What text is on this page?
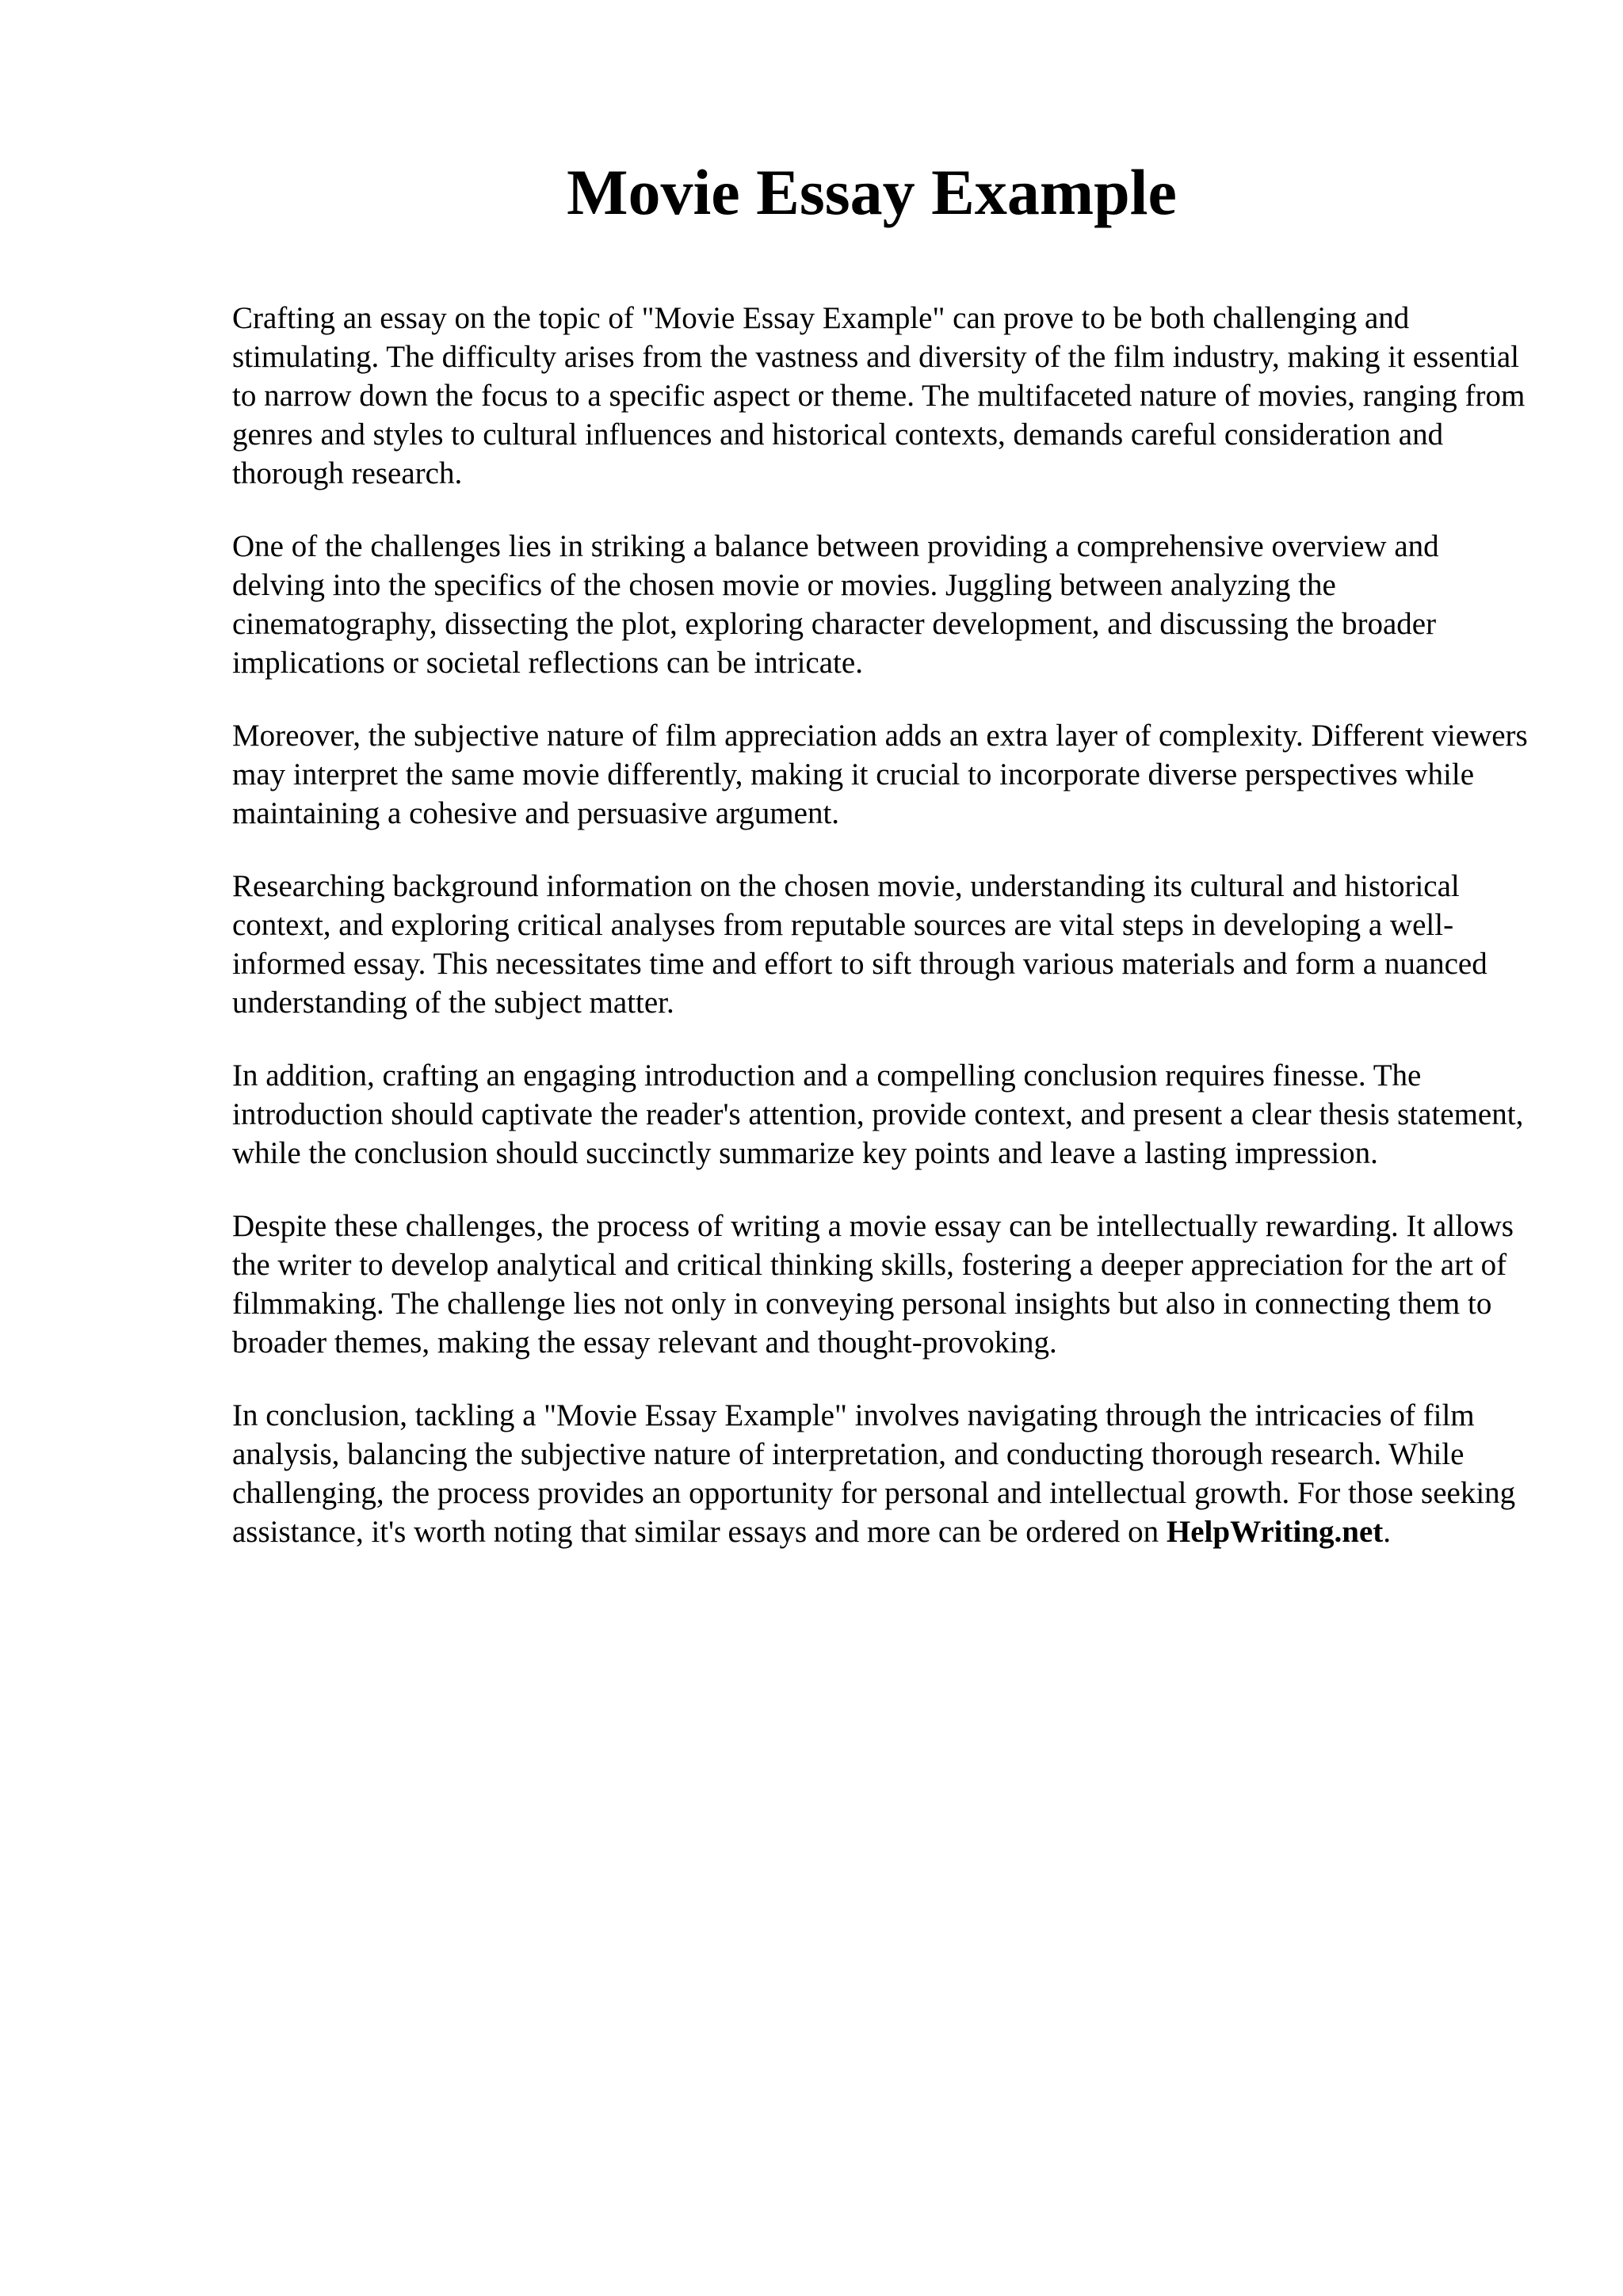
Movie Essay Example

Crafting an essay on the topic of "Movie Essay Example" can prove to be both challenging and stimulating. The difficulty arises from the vastness and diversity of the film industry, making it essential to narrow down the focus to a specific aspect or theme. The multifaceted nature of movies, ranging from genres and styles to cultural influences and historical contexts, demands careful consideration and thorough research.

One of the challenges lies in striking a balance between providing a comprehensive overview and delving into the specifics of the chosen movie or movies. Juggling between analyzing the cinematography, dissecting the plot, exploring character development, and discussing the broader implications or societal reflections can be intricate.

Moreover, the subjective nature of film appreciation adds an extra layer of complexity. Different viewers may interpret the same movie differently, making it crucial to incorporate diverse perspectives while maintaining a cohesive and persuasive argument.

Researching background information on the chosen movie, understanding its cultural and historical context, and exploring critical analyses from reputable sources are vital steps in developing a well-informed essay. This necessitates time and effort to sift through various materials and form a nuanced understanding of the subject matter.

In addition, crafting an engaging introduction and a compelling conclusion requires finesse. The introduction should captivate the reader's attention, provide context, and present a clear thesis statement, while the conclusion should succinctly summarize key points and leave a lasting impression.

Despite these challenges, the process of writing a movie essay can be intellectually rewarding. It allows the writer to develop analytical and critical thinking skills, fostering a deeper appreciation for the art of filmmaking. The challenge lies not only in conveying personal insights but also in connecting them to broader themes, making the essay relevant and thought-provoking.

In conclusion, tackling a "Movie Essay Example" involves navigating through the intricacies of film analysis, balancing the subjective nature of interpretation, and conducting thorough research. While challenging, the process provides an opportunity for personal and intellectual growth. For those seeking assistance, it's worth noting that similar essays and more can be ordered on HelpWriting.net.
